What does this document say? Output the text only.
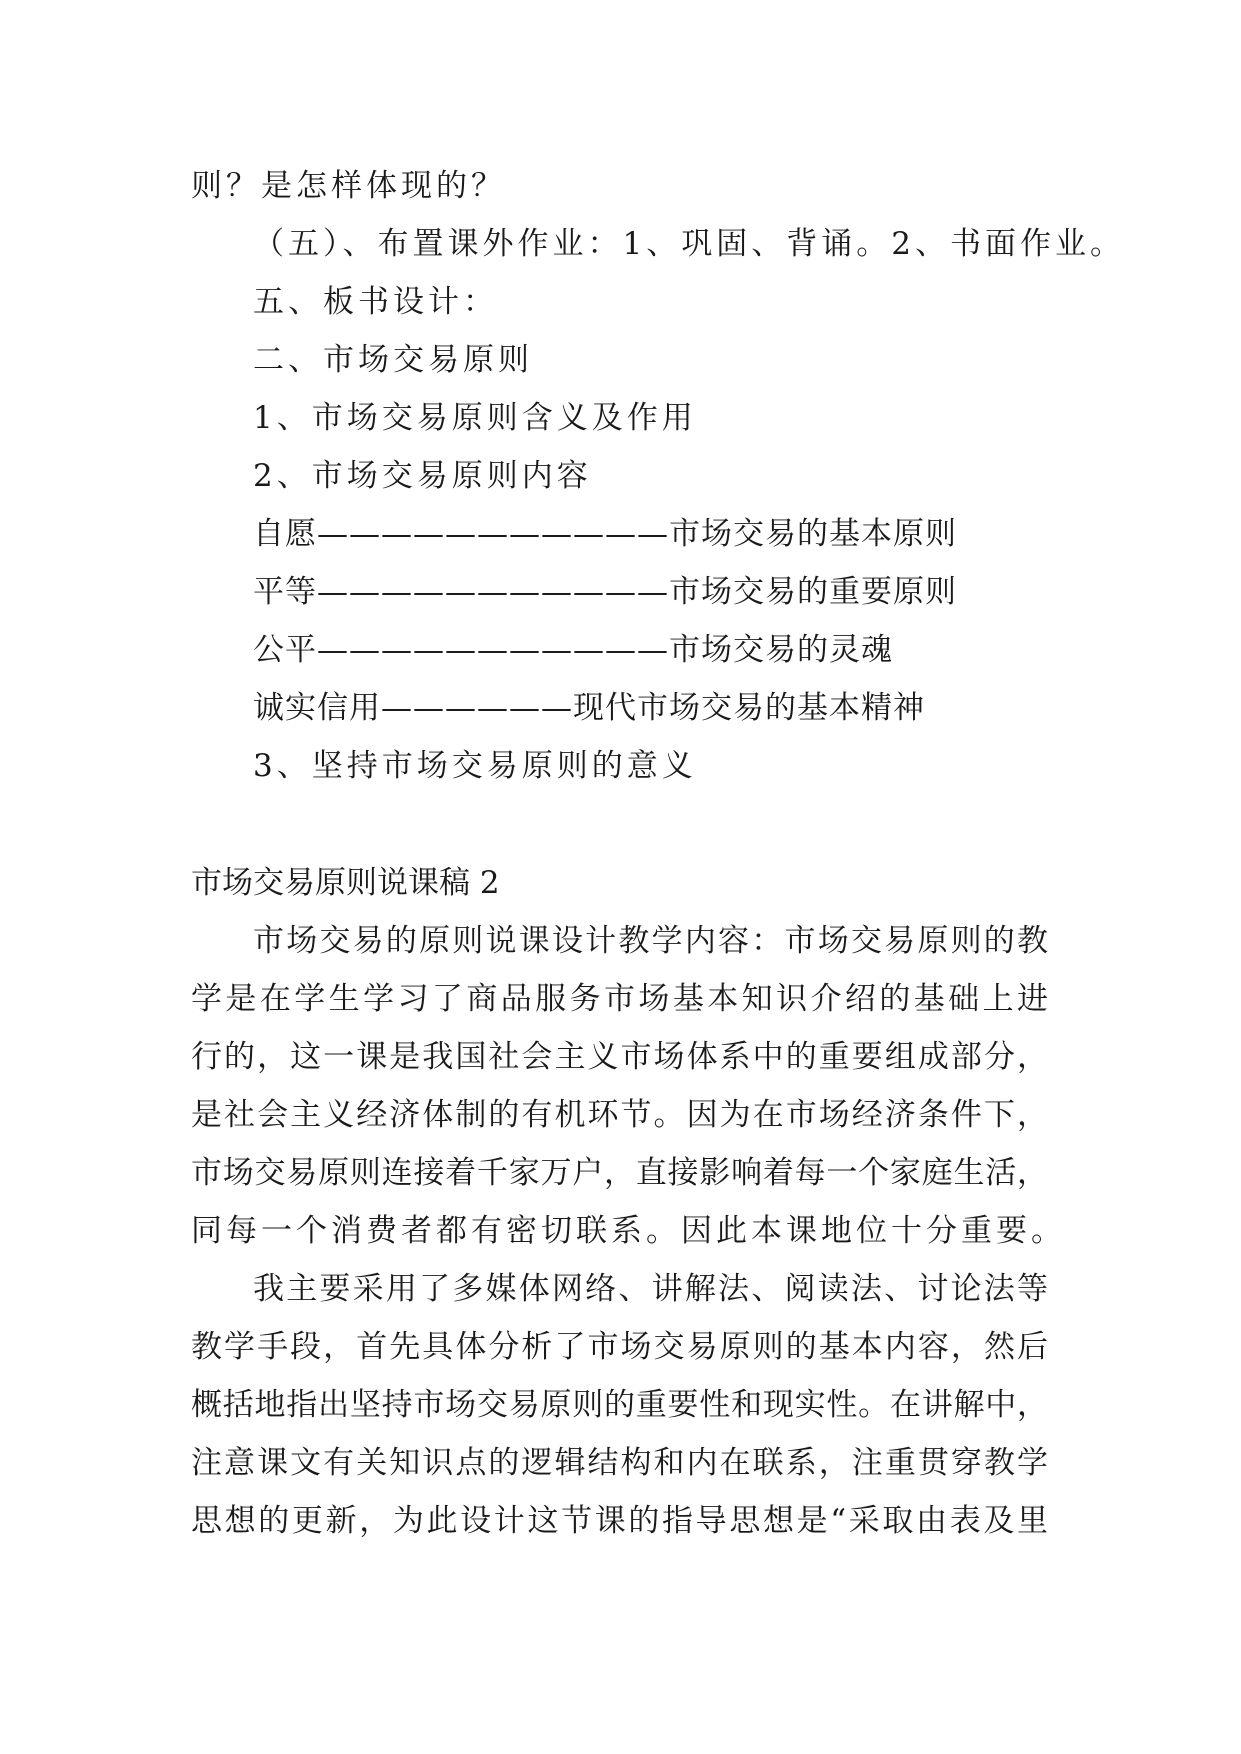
则？是怎样体现的？
（五）、布置课外作业：1、巩固、背诵。2、书面作业。
五、板书设计：
二、市场交易原则
1、市场交易原则含义及作用
2、市场交易原则内容
自愿———————————市场交易的基本原则
平等———————————市场交易的重要原则
公平———————————市场交易的灵魂
诚实信用——————现代市场交易的基本精神
3、坚持市场交易原则的意义
市场交易原则说课稿 2
市场交易的原则说课设计教学内容：市场交易原则的教
学是在学生学习了商品服务市场基本知识介绍的基础上进
行的，这一课是我国社会主义市场体系中的重要组成部分，
是社会主义经济体制的有机环节。因为在市场经济条件下，
市场交易原则连接着千家万户，直接影响着每一个家庭生活，
同每一个消费者都有密切联系。因此本课地位十分重要。
我主要采用了多媒体网络、讲解法、阅读法、讨论法等
教学手段，首先具体分析了市场交易原则的基本内容，然后
概括地指出坚持市场交易原则的重要性和现实性。在讲解中，
注意课文有关知识点的逻辑结构和内在联系，注重贯穿教学
思想的更新，为此设计这节课的指导思想是“采取由表及里
